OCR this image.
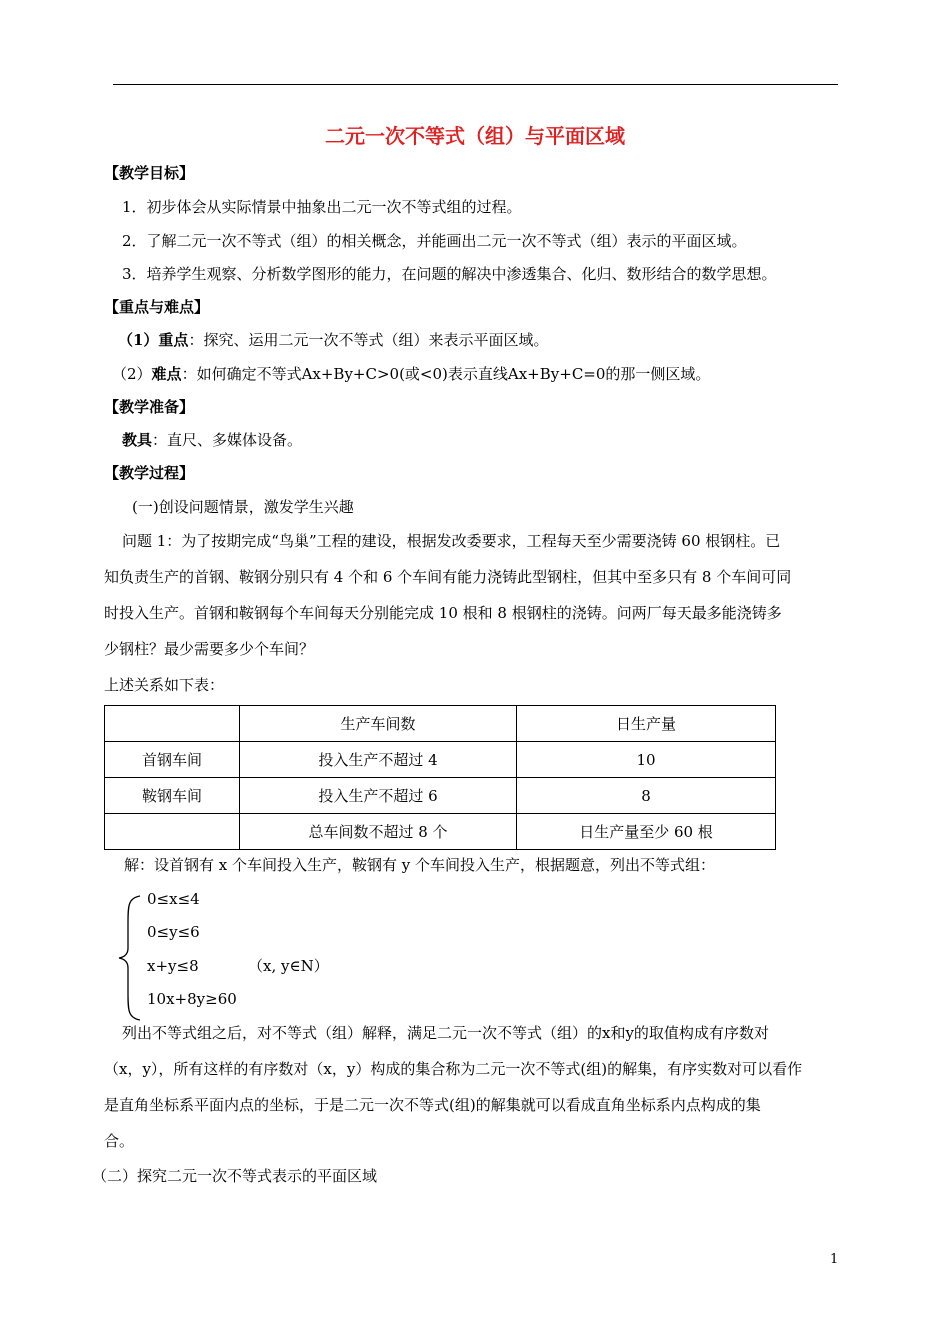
二元一次不等式（组）与平面区域
【教学目标】
1．初步体会从实际情景中抽象出二元一次不等式组的过程。
2．了解二元一次不等式（组）的相关概念，并能画出二元一次不等式（组）表示的平面区域。
3．培养学生观察、分析数学图形的能力，在问题的解决中渗透集合、化归、数形结合的数学思想。
【重点与难点】
（1）重点：探究、运用二元一次不等式（组）来表示平面区域。
（2）难点：如何确定不等式Ax+By+C>0(或<0)表示直线Ax+By+C=0的那一侧区域。
【教学准备】
教具：直尺、多媒体设备。
【教学过程】
(一)创设问题情景，激发学生兴趣
问题 1：为了按期完成“鸟巢”工程的建设，根据发改委要求，工程每天至少需要浇铸 60 根钢柱。已
知负责生产的首钢、鞍钢分别只有 4 个和 6 个车间有能力浇铸此型钢柱，但其中至多只有 8 个车间可同
时投入生产。首钢和鞍钢每个车间每天分别能完成 10 根和 8 根钢柱的浇铸。问两厂每天最多能浇铸多
少钢柱？最少需要多少个车间？
上述关系如下表：
	生产车间数	日生产量
首钢车间	投入生产不超过 4	10
鞍钢车间	投入生产不超过 6	8
	总车间数不超过 8 个	日生产量至少 60 根
解：设首钢有 x 个车间投入生产，鞍钢有 y 个车间投入生产，根据题意，列出不等式组：
0≤x≤4
0≤y≤6
x+y≤8	（x, y∈N）
10x+8y≥60
列出不等式组之后，对不等式（组）解释，满足二元一次不等式（组）的x和y的取值构成有序数对
（x，y），所有这样的有序数对（x，y）构成的集合称为二元一次不等式(组)的解集，有序实数对可以看作
是直角坐标系平面内点的坐标，于是二元一次不等式(组)的解集就可以看成直角坐标系内点构成的集
合。
（二）探究二元一次不等式表示的平面区域
1
